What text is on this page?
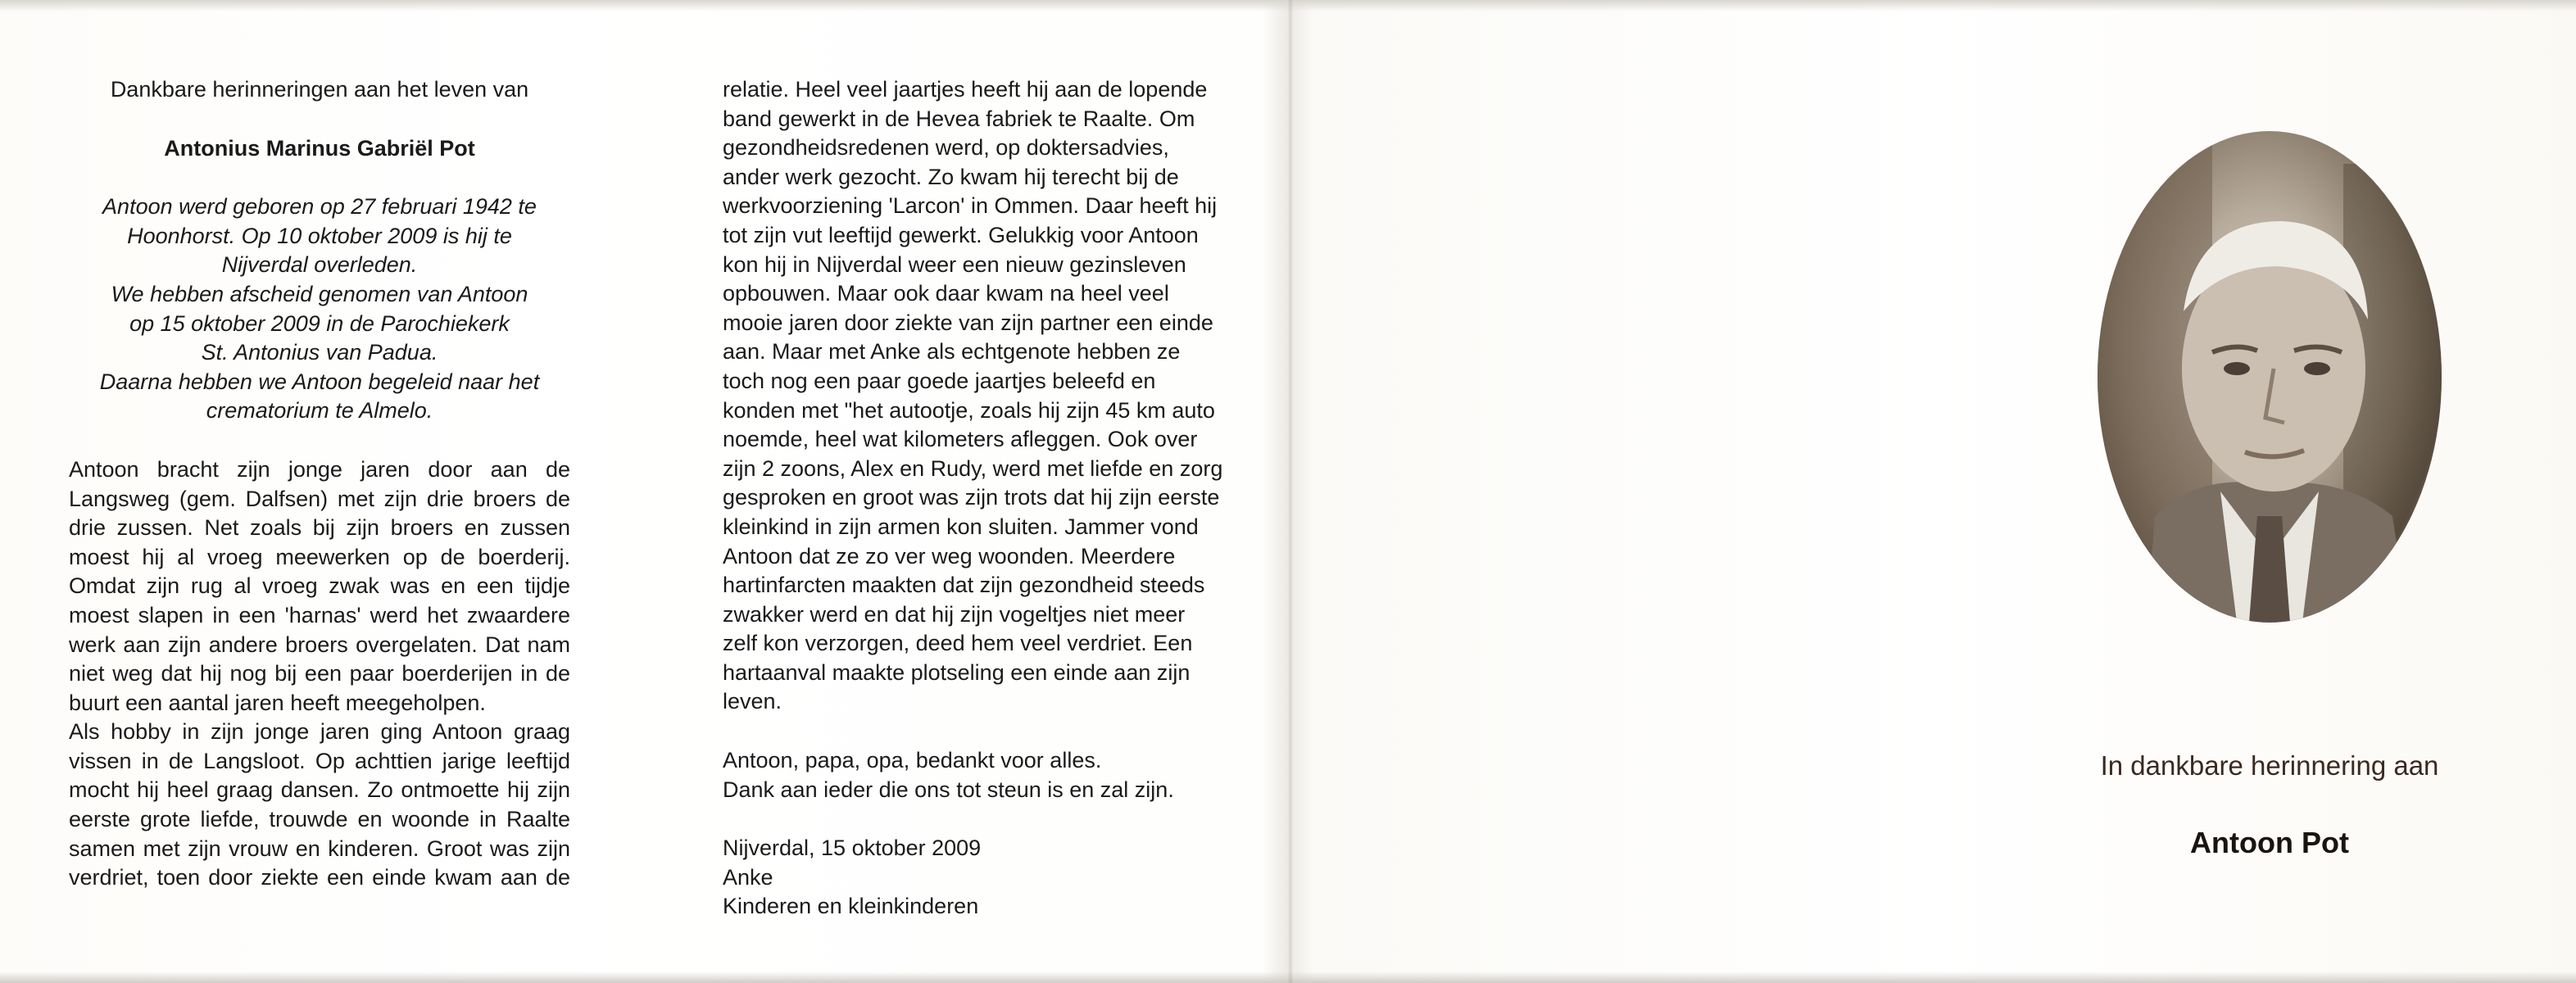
Dankbare herinneringen aan het leven van
Antonius Marinus Gabriël Pot
Antoon werd geboren op 27 februari 1942 te
Hoonhorst. Op 10 oktober 2009 is hij te
Nijverdal overleden.
We hebben afscheid genomen van Antoon
op 15 oktober 2009 in de Parochiekerk
St. Antonius van Padua.
Daarna hebben we Antoon begeleid naar het
crematorium te Almelo.
Antoon bracht zijn jonge jaren door aan de
Langsweg (gem. Dalfsen) met zijn drie broers de
drie zussen. Net zoals bij zijn broers en zussen
moest hij al vroeg meewerken op de boerderij.
Omdat zijn rug al vroeg zwak was en een tijdje
moest slapen in een 'harnas' werd het zwaardere
werk aan zijn andere broers overgelaten. Dat nam
niet weg dat hij nog bij een paar boerderijen in de
buurt een aantal jaren heeft meegeholpen.
Als hobby in zijn jonge jaren ging Antoon graag
vissen in de Langsloot. Op achttien jarige leeftijd
mocht hij heel graag dansen. Zo ontmoette hij zijn
eerste grote liefde, trouwde en woonde in Raalte
samen met zijn vrouw en kinderen. Groot was zijn
verdriet, toen door ziekte een einde kwam aan de
relatie. Heel veel jaartjes heeft hij aan de lopende band gewerkt in de Hevea fabriek te Raalte. Om gezondheidsredenen werd, op doktersadvies, ander werk gezocht. Zo kwam hij terecht bij de werkvoorziening 'Larcon' in Ommen. Daar heeft hij tot zijn vut leeftijd gewerkt. Gelukkig voor Antoon kon hij in Nijverdal weer een nieuw gezinsleven opbouwen. Maar ook daar kwam na heel veel mooie jaren door ziekte van zijn partner een einde aan. Maar met Anke als echtgenote hebben ze toch nog een paar goede jaartjes beleefd en konden met "het autootje, zoals hij zijn 45 km auto noemde, heel wat kilometers afleggen. Ook over zijn 2 zoons, Alex en Rudy, werd met liefde en zorg gesproken en groot was zijn trots dat hij zijn eerste kleinkind in zijn armen kon sluiten. Jammer vond Antoon dat ze zo ver weg woonden. Meerdere hartinfarcten maakten dat zijn gezondheid steeds zwakker werd en dat hij zijn vogeltjes niet meer zelf kon verzorgen, deed hem veel verdriet. Een hartaanval maakte plotseling een einde aan zijn leven.
Antoon, papa, opa, bedankt voor alles.
Dank aan ieder die ons tot steun is en zal zijn.
Nijverdal, 15 oktober 2009
Anke
Kinderen en kleinkinderen
In dankbare herinnering aan
Antoon Pot
